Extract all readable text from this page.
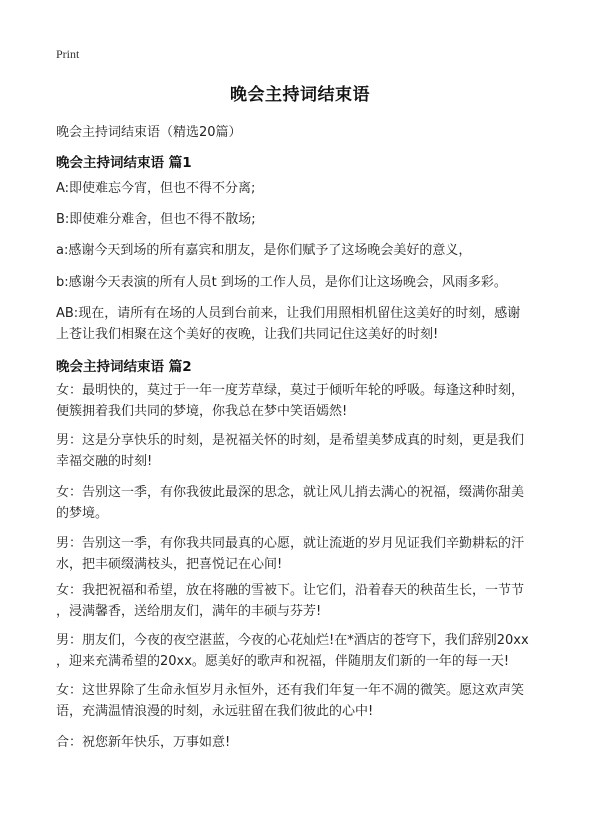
Print
晚会主持词结束语
晚会主持词结束语（精选20篇）
晚会主持词结束语 篇1
A:即使难忘今宵，但也不得不分离;
B:即使难分难舍，但也不得不散场;
a:感谢今天到场的所有嘉宾和朋友，是你们赋予了这场晚会美好的意义，
b:感谢今天表演的所有人员t 到场的工作人员，是你们让这场晚会，风雨多彩。
AB:现在，请所有在场的人员到台前来，让我们用照相机留住这美好的时刻，感谢
上苍让我们相聚在这个美好的夜晚，让我们共同记住这美好的时刻!
晚会主持词结束语 篇2
女：最明快的，莫过于一年一度芳草绿，莫过于倾听年轮的呼吸。每逢这种时刻，
便簇拥着我们共同的梦境，你我总在梦中笑语嫣然!
男：这是分享快乐的时刻，是祝福关怀的时刻，是希望美梦成真的时刻，更是我们
幸福交融的时刻!
女：告别这一季，有你我彼此最深的思念，就让风儿捎去满心的祝福，缀满你甜美
的梦境。
男：告别这一季，有你我共同最真的心愿，就让流逝的岁月见证我们辛勤耕耘的汗
水，把丰硕缀满枝头，把喜悦记在心间!
女：我把祝福和希望，放在将融的雪被下。让它们，沿着春天的秧苗生长，一节节
，浸满馨香，送给朋友们，满年的丰硕与芬芳!
男：朋友们，今夜的夜空湛蓝，今夜的心花灿烂!在*酒店的苍穹下，我们辞别20xx
，迎来充满希望的20xx。愿美好的歌声和祝福，伴随朋友们新的一年的每一天!
女：这世界除了生命永恒岁月永恒外，还有我们年复一年不凋的微笑。愿这欢声笑
语，充满温情浪漫的时刻，永远驻留在我们彼此的心中!
合：祝您新年快乐，万事如意!
